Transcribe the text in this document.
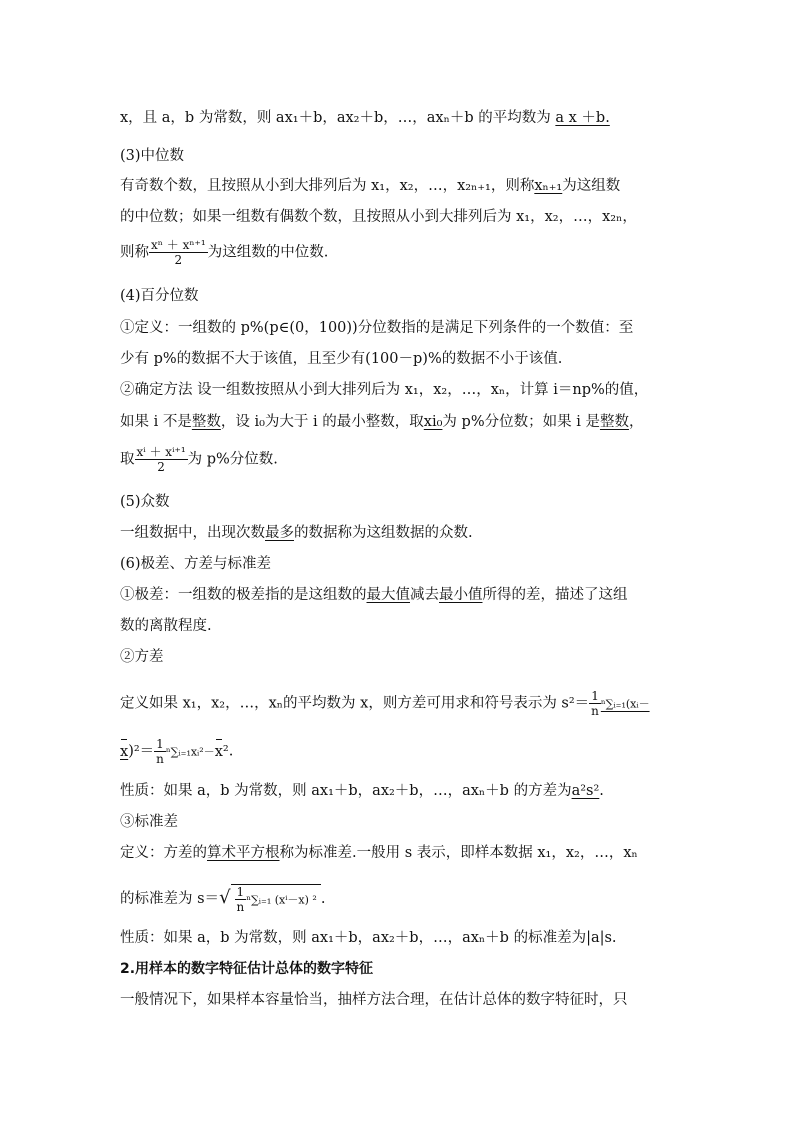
x，且 a，b 为常数，则 ax₁＋b，ax₂＋b，…，axₙ＋b 的平均数为 a x ＋b.
(3)中位数
有奇数个数，且按照从小到大排列后为 x₁，x₂，…，x₂ₙ₊₁，则称xₙ₊₁为这组数
的中位数；如果一组数有偶数个数，且按照从小到大排列后为 x₁，x₂，…，x₂ₙ，
则称 $\frac{\text{xⁿ ＋ xⁿ⁺¹}}{2}$ 为这组数的中位数.
(4)百分位数
①定义：一组数的 p%(p∈(0，100))分位数指的是满足下列条件的一个数值：至
少有 p%的数据不大于该值，且至少有(100－p)%的数据不小于该值.
②确定方法 设一组数按照从小到大排列后为 x₁，x₂，…，xₙ，计算 i＝np%的值，
如果 i 不是整数，设 i₀为大于 i 的最小整数，取xi₀为 p%分位数；如果 i 是整数，
取 $\frac{\text{xⁱ ＋ xⁱ⁺¹}}{2}$ 为 p%分位数.
(5)众数
一组数据中，出现次数最多的数据称为这组数据的众数.
(6)极差、方差与标准差
①极差：一组数的极差指的是这组数的最大值减去最小值所得的差，描述了这组
数的离散程度.
②方差
定义如果 x₁，x₂，…，xₙ的平均数为 x，则方差可用求和符号表示为 $s^2= \frac{1}{n}$ ⁿ∑ᵢ₌₁(xᵢ－
$x)^2= \frac{1}{n}$ ⁿ∑ᵢ₌₁xᵢ²－x².
性质：如果 a，b 为常数，则 ax₁＋b，ax₂＋b，…，axₙ＋b 的方差为a²s².
③标准差
定义：方差的算术平方根称为标准差.一般用 s 表示，即样本数据 x₁，x₂，…，xₙ
的标准差为 $s=√ \frac{1}{n}$ ⁿ∑ᵢ₌₁ (xⁱ－x) ² .
性质：如果 a，b 为常数，则 ax₁＋b，ax₂＋b，…，axₙ＋b 的标准差为|a|s.
2.用样本的数字特征估计总体的数字特征
一般情况下，如果样本容量恰当，抽样方法合理，在估计总体的数字特征时，只
